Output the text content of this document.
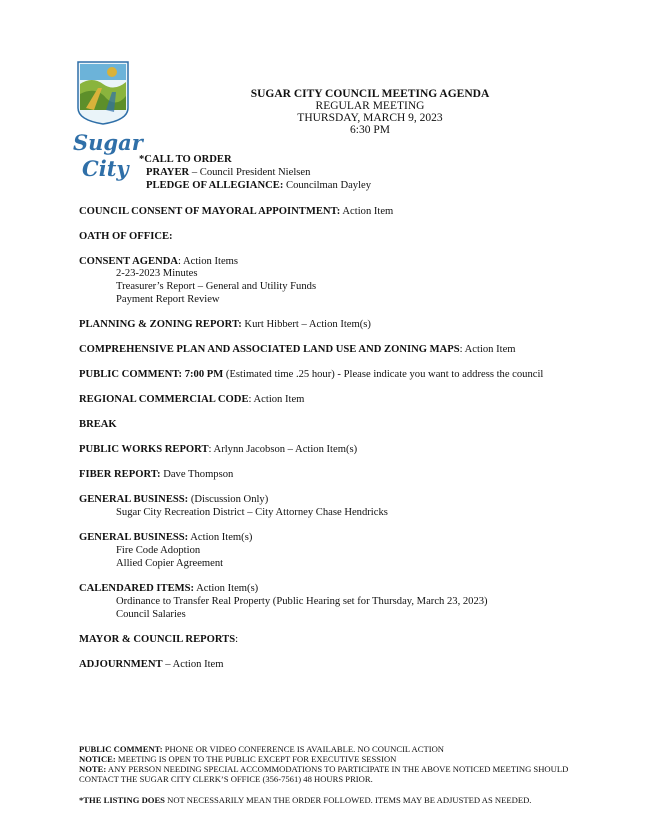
Sugar
City
SUGAR CITY COUNCIL MEETING AGENDA
REGULAR MEETING
THURSDAY, MARCH 9, 2023
6:30 PM
*CALL TO ORDER
PRAYER – Council President Nielsen
PLEDGE OF ALLEGIANCE: Councilman Dayley
COUNCIL CONSENT OF MAYORAL APPOINTMENT: Action Item
OATH OF OFFICE:
CONSENT AGENDA: Action Items
2-23-2023 Minutes
Treasurer’s Report – General and Utility Funds
Payment Report Review
PLANNING & ZONING REPORT: Kurt Hibbert – Action Item(s)
COMPREHENSIVE PLAN AND ASSOCIATED LAND USE AND ZONING MAPS: Action Item
PUBLIC COMMENT: 7:00 PM (Estimated time .25 hour) - Please indicate you want to address the council
REGIONAL COMMERCIAL CODE: Action Item
BREAK
PUBLIC WORKS REPORT: Arlynn Jacobson – Action Item(s)
FIBER REPORT: Dave Thompson
GENERAL BUSINESS: (Discussion Only)
Sugar City Recreation District – City Attorney Chase Hendricks
GENERAL BUSINESS: Action Item(s)
Fire Code Adoption
Allied Copier Agreement
CALENDARED ITEMS: Action Item(s)
Ordinance to Transfer Real Property (Public Hearing set for Thursday, March 23, 2023)
Council Salaries
MAYOR & COUNCIL REPORTS:
ADJOURNMENT – Action Item
PUBLIC COMMENT: PHONE OR VIDEO CONFERENCE IS AVAILABLE. NO COUNCIL ACTION
NOTICE: MEETING IS OPEN TO THE PUBLIC EXCEPT FOR EXECUTIVE SESSION
NOTE: ANY PERSON NEEDING SPECIAL ACCOMMODATIONS TO PARTICIPATE IN THE ABOVE NOTICED MEETING SHOULD
CONTACT THE SUGAR CITY CLERK’S OFFICE (356-7561) 48 HOURS PRIOR.
*THE LISTING DOES NOT NECESSARILY MEAN THE ORDER FOLLOWED. ITEMS MAY BE ADJUSTED AS NEEDED.
